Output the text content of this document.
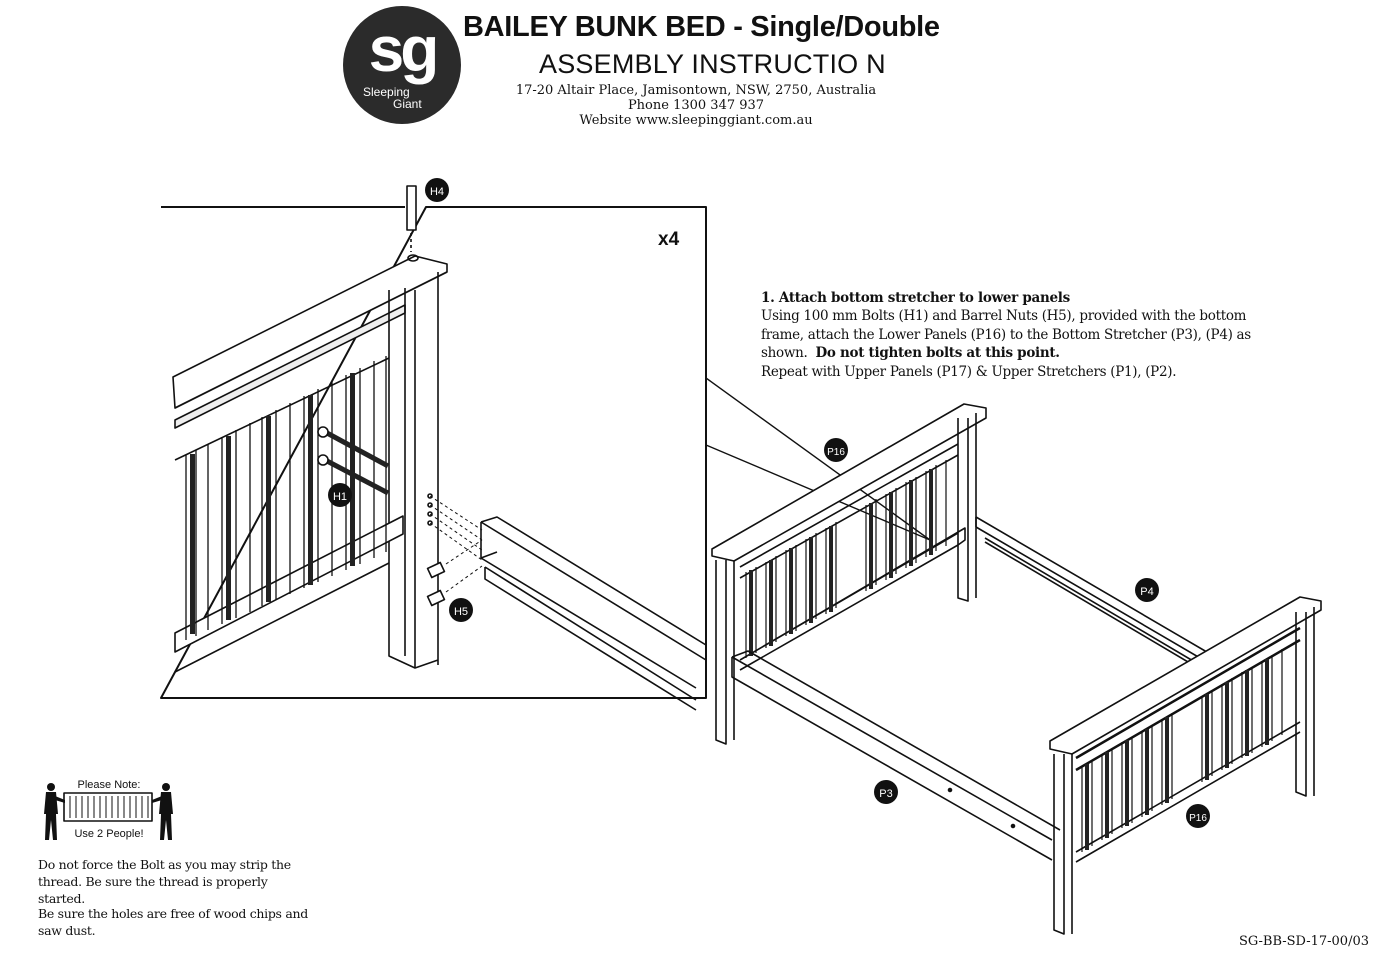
sg
Sleeping
Giant
BAILEY BUNK BED - Single/Double
ASSEMBLY INSTRUCTIO N
17-20 Altair Place, Jamisontown, NSW, 2750, Australia
Phone 1300 347 937
Website www.sleepinggiant.com.au
H4
H1
H5
P16
P4
P3
P16
x4
Please Note:
Use 2 People!
1. Attach bottom stretcher to lower panels
Using 100 mm Bolts (H1) and Barrel Nuts (H5), provided with the bottom
frame, attach the Lower Panels (P16) to the Bottom Stretcher (P3), (P4) as
shown. Do not tighten bolts at this point.
Repeat with Upper Panels (P17) & Upper Stretchers (P1), (P2).
Do not force the Bolt as you may strip the thread. Be sure the thread is properly started.
Be sure the holes are free of wood chips and saw dust.
SG-BB-SD-17-00/03
